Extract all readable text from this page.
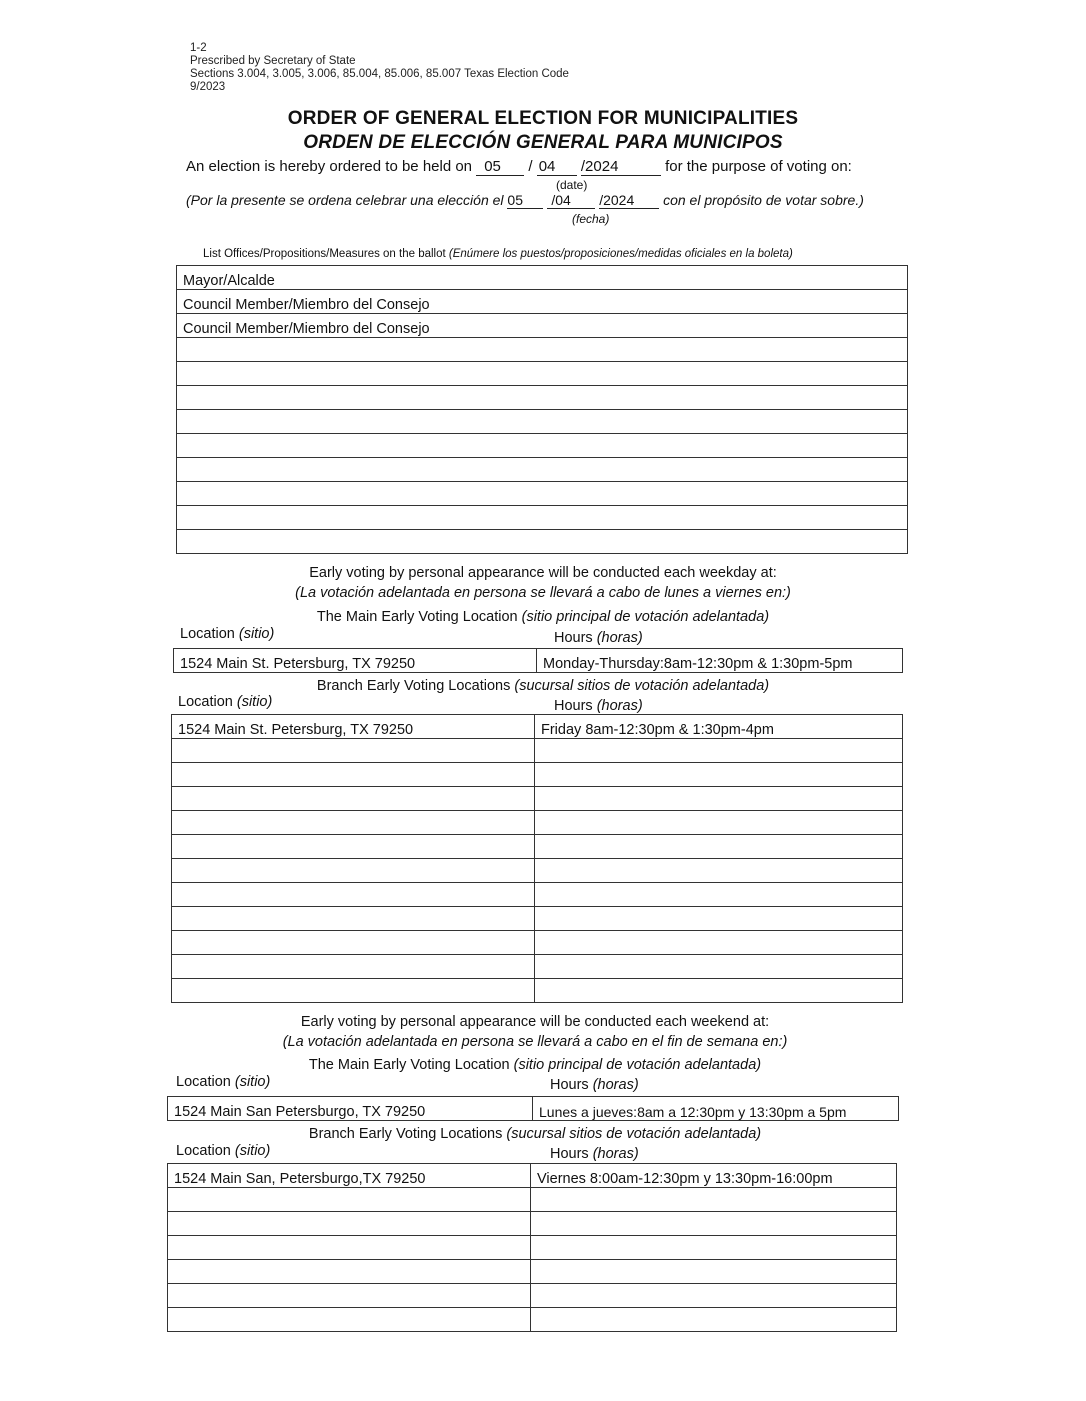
1-2
Prescribed by Secretary of State
Sections 3.004, 3.005, 3.006, 85.004, 85.006, 85.007 Texas Election Code
9/2023
ORDER OF GENERAL ELECTION FOR MUNICIPALITIES
ORDEN DE ELECCIÓN GENERAL PARA MUNICIPOS
An election is hereby ordered to be held on 05 / 04 /2024	for the purpose of voting on:
(date)
(Por la presente se ordena celebrar una elección el 05 /04 /2024 con el propósito de votar sobre.)
(fecha)
List Offices/Propositions/Measures on the ballot (Enúmere los puestos/proposiciones/medidas oficiales en la boleta)
Mayor/Alcalde
Council Member/Miembro del Consejo
Council Member/Miembro del Consejo

Early voting by personal appearance will be conducted each weekday at:
(La votación adelantada en persona se llevará a cabo de lunes a viernes en:)
The Main Early Voting Location (sitio principal de votación adelantada)
Location (sitio)	Hours (horas)
1524 Main St. Petersburg, TX 79250	Monday-Thursday:8am-12:30pm & 1:30pm-5pm
Branch Early Voting Locations (sucursal sitios de votación adelantada)
Location (sitio)	Hours (horas)
1524 Main St. Petersburg, TX 79250	Friday 8am-12:30pm & 1:30pm-4pm

Early voting by personal appearance will be conducted each weekend at:
(La votación adelantada en persona se llevará a cabo en el fin de semana en:)
The Main Early Voting Location (sitio principal de votación adelantada)
Location (sitio)	Hours (horas)
1524 Main San Petersburgo, TX 79250	Lunes a jueves:8am a 12:30pm y 13:30pm a 5pm
Branch Early Voting Locations (sucursal sitios de votación adelantada)
Location (sitio)	Hours (horas)
1524 Main San, Petersburgo,TX 79250	Viernes 8:00am-12:30pm y 13:30pm-16:00pm
